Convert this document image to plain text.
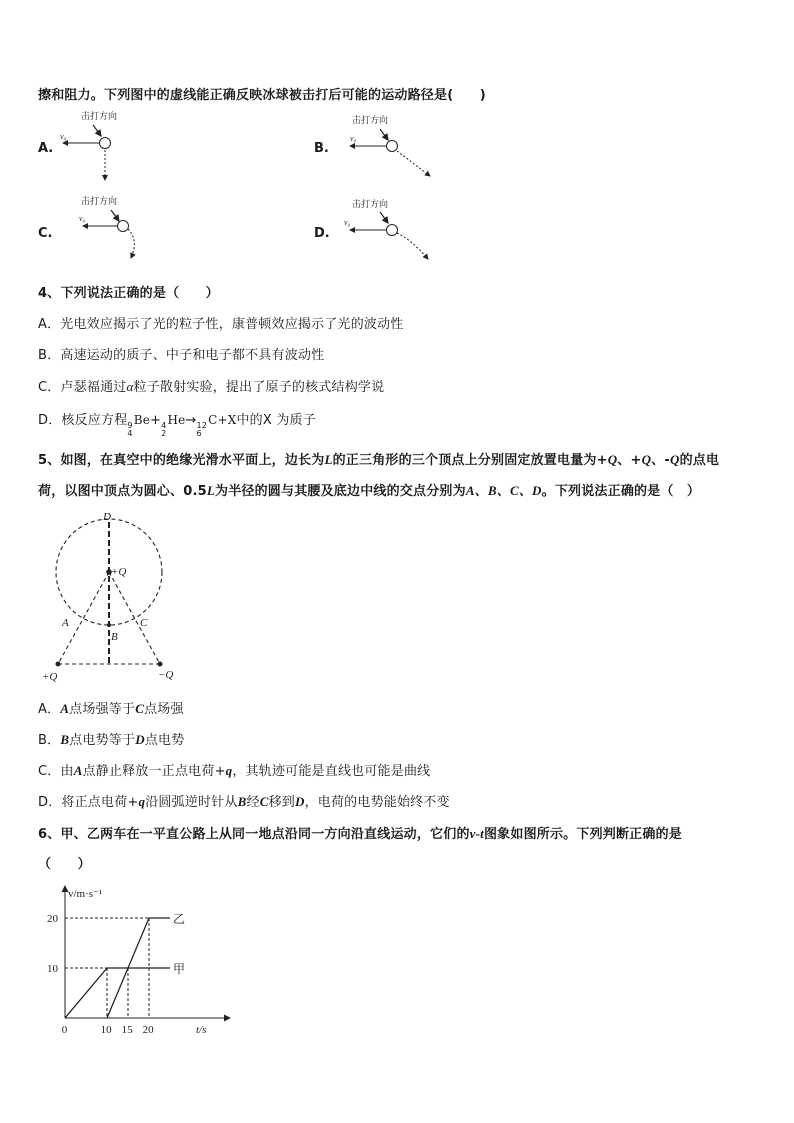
擦和阻力。下列图中的虚线能正确反映冰球被击打后可能的运动路径是(　　)
A.
击打方向
v₀
B.
击打方向
v₀
C.
击打方向
v₀
D.
击打方向
v₀
4、下列说法正确的是（　　）
A．光电效应揭示了光的粒子性，康普顿效应揭示了光的波动性
B．高速运动的质子、中子和电子都不具有波动性
C．卢瑟福通过α粒子散射实验，提出了原子的核式结构学说
D．核反应方程 9
4
Be+ 4
2
He→ 12
6
C+X中的X 为质子
5、如图，在真空中的绝缘光滑水平面上，边长为L的正三角形的三个顶点上分别固定放置电量为+Q、+Q、-Q的点电
荷，以图中顶点为圆心、0.5L为半径的圆与其腰及底边中线的交点分别为A、B、C、D。下列说法正确的是（　）
D
+Q
A
B
C
+Q	−Q
A．A点场强等于C点场强
B．B点电势等于D点电势
C．由A点静止释放一正点电荷+q，其轨迹可能是直线也可能是曲线
D．将正点电荷+q沿圆弧逆时针从B经C移到D，电荷的电势能始终不变
6、甲、乙两车在一平直公路上从同一地点沿同一方向沿直线运动，它们的v-t图象如图所示。下列判断正确的是
（　　）
v/m·s⁻¹
t/s
0	10 15 20
10
20
甲
乙
